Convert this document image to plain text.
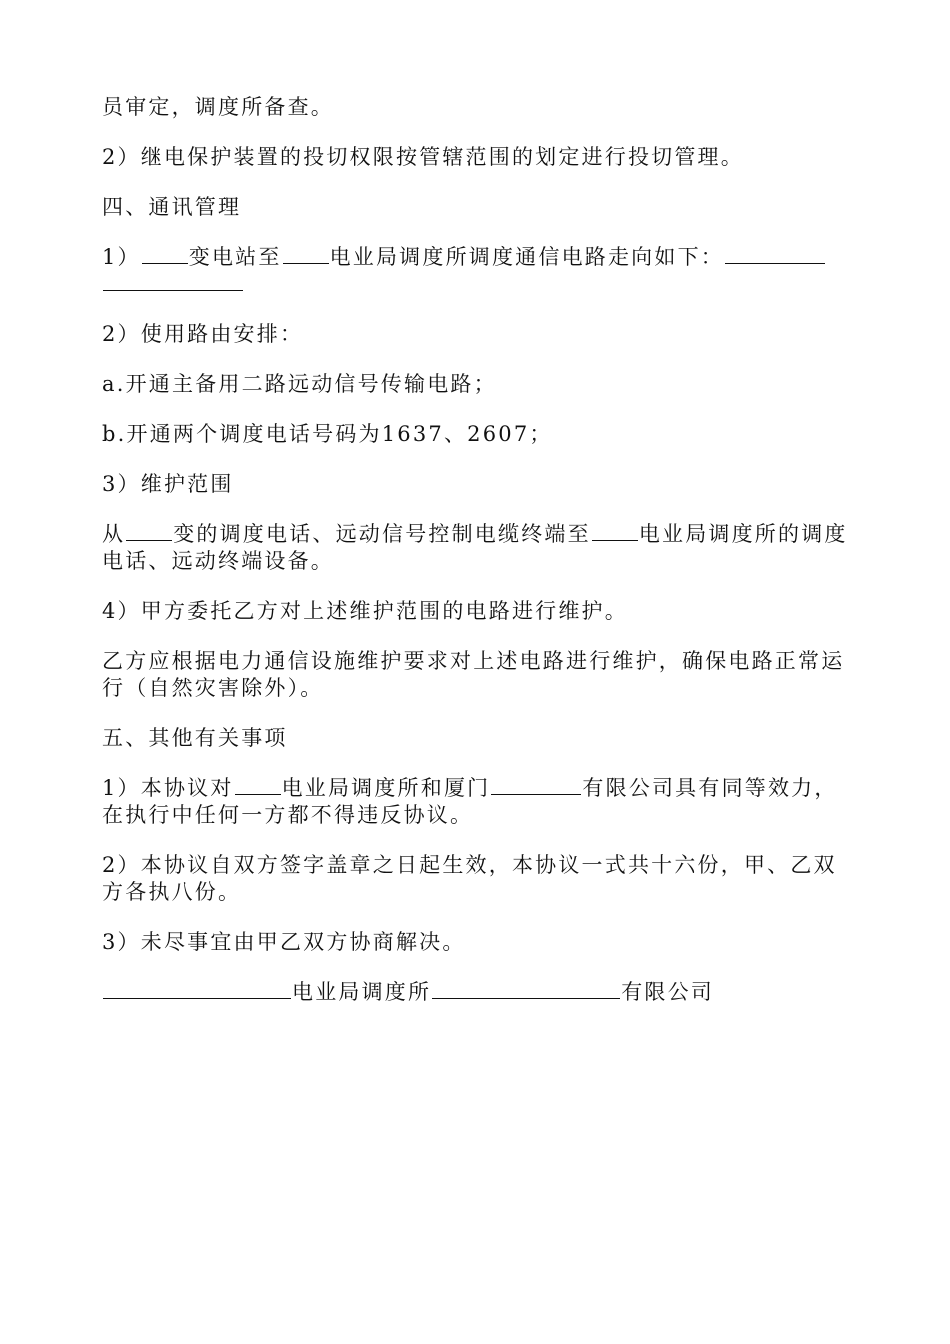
员审定，调度所备查。

2）继电保护装置的投切权限按管辖范围的划定进行投切管理。

四、通讯管理

1） 变电站至 电业局调度所调度通信电路走向如下：

2）使用路由安排：

a.开通主备用二路远动信号传输电路；

b.开通两个调度电话号码为1637、2607；

3）维护范围

从 变的调度电话、远动信号控制电缆终端至 电业局调度所的调度电话、远动终端设备。

4）甲方委托乙方对上述维护范围的电路进行维护。

乙方应根据电力通信设施维护要求对上述电路进行维护，确保电路正常运行（自然灾害除外）。

五、其他有关事项

1）本协议对 电业局调度所和厦门	有限公司具有同等效力，在执行中任何一方都不得违反协议。

2）本协议自双方签字盖章之日起生效，本协议一式共十六份，甲、乙双方各执八份。

3）未尽事宜由甲乙双方协商解决。

电业局调度所	有限公司
